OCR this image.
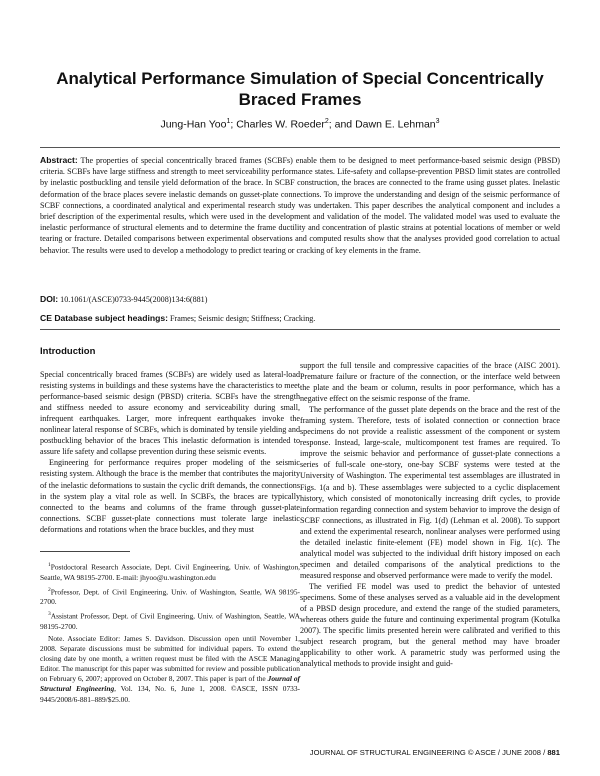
Analytical Performance Simulation of Special Concentrically Braced Frames
Jung-Han Yoo$^1$; Charles W. Roeder$^2$; and Dawn E. Lehman$^3$

Abstract: The properties of special concentrically braced frames (SCBFs) enable them to be designed to meet performance-based seismic design (PBSD) criteria. SCBFs have large stiffness and strength to meet serviceability performance states. Life-safety and collapse-prevention PBSD limit states are controlled by inelastic postbuckling and tensile yield deformation of the brace. In SCBF construction, the braces are connected to the frame using gusset plates. Inelastic deformation of the brace places severe inelastic demands on gusset-plate connections. To improve the understanding and design of the seismic performance of SCBF connections, a coordinated analytical and experimental research study was undertaken. This paper describes the analytical component and includes a brief description of the experimental results, which were used in the development and validation of the model. The validated model was used to evaluate the inelastic performance of structural elements and to determine the frame ductility and concentration of plastic strains at potential locations of member or weld tearing or fracture. Detailed comparisons between experimental observations and computed results show that the analyses provided good correlation to actual behavior. The results were used to develop a methodology to predict tearing or cracking of key elements in the frame.

DOI: 10.1061/(ASCE)0733-9445(2008)134:6(881)
CE Database subject headings: Frames; Seismic design; Stiffness; Cracking.
Introduction

Special concentrically braced frames (SCBFs) are widely used as lateral-load resisting systems in buildings and these systems have the characteristics to meet performance-based seismic design (PBSD) criteria. SCBFs have the strength and stiffness needed to assure economy and serviceability during small, infrequent earthquakes. Larger, more infrequent earthquakes invoke the nonlinear lateral response of SCBFs, which is dominated by tensile yielding and postbuckling behavior of the braces This inelastic deformation is intended to assure life safety and collapse prevention during these seismic events.

Engineering for performance requires proper modeling of the seismic resisting system. Although the brace is the member that contributes the majority of the inelastic deformations to sustain the cyclic drift demands, the connections in the system play a vital role as well. In SCBFs, the braces are typically connected to the beams and columns of the frame through gusset-plate connections. SCBF gusset-plate connections must tolerate large inelastic deformations and rotations when the brace buckles, and they must

$^1$Postdoctoral Research Associate, Dept. Civil Engineering, Univ. of Washington, Seattle, WA 98195-2700. E-mail: jhyoo@u.washington.edu

$^2$Professor, Dept. of Civil Engineering, Univ. of Washington, Seattle, WA 98195-2700.

$^3$Assistant Professor, Dept. of Civil Engineering, Univ. of Washington, Seattle, WA 98195-2700.

Note. Associate Editor: James S. Davidson. Discussion open until November 1, 2008. Separate discussions must be submitted for individual papers. To extend the closing date by one month, a written request must be filed with the ASCE Managing Editor. The manuscript for this paper was submitted for review and possible publication on February 6, 2007; approved on October 8, 2007. This paper is part of the Journal of Structural Engineering, Vol. 134, No. 6, June 1, 2008. ©ASCE, ISSN 0733-9445/2008/6-881–889/$25.00.

support the full tensile and compressive capacities of the brace (AISC 2001). Premature failure or fracture of the connection, or the interface weld between the plate and the beam or column, results in poor performance, which has a negative effect on the seismic response of the frame.

The performance of the gusset plate depends on the brace and the rest of the framing system. Therefore, tests of isolated connection or connection brace specimens do not provide a realistic assessment of the component or system response. Instead, large-scale, multicomponent test frames are required. To improve the seismic behavior and performance of gusset-plate connections a series of full-scale one-story, one-bay SCBF systems were tested at the University of Washington. The experimental test assemblages are illustrated in Figs. 1(a and b). These assemblages were subjected to a cyclic displacement history, which consisted of monotonically increasing drift cycles, to provide information regarding connection and system behavior to improve the design of SCBF connections, as illustrated in Fig. 1(d) (Lehman et al. 2008). To support and extend the experimental research, nonlinear analyses were performed using the detailed inelastic finite-element (FE) model shown in Fig. 1(c). The analytical model was subjected to the individual drift history imposed on each specimen and detailed comparisons of the analytical predictions to the measured response and observed performance were made to verify the model.

The verified FE model was used to predict the behavior of untested specimens. Some of these analyses served as a valuable aid in the development of a PBSD design procedure, and extend the range of the studied parameters, whereas others guide the future and continuing experimental program (Kotulka 2007). The specific limits presented herein were calibrated and verified to this subject research program, but the general method may have broader applicability to other work. A parametric study was performed using the analytical methods to provide insight and guid-

JOURNAL OF STRUCTURAL ENGINEERING © ASCE / JUNE 2008 / 881
